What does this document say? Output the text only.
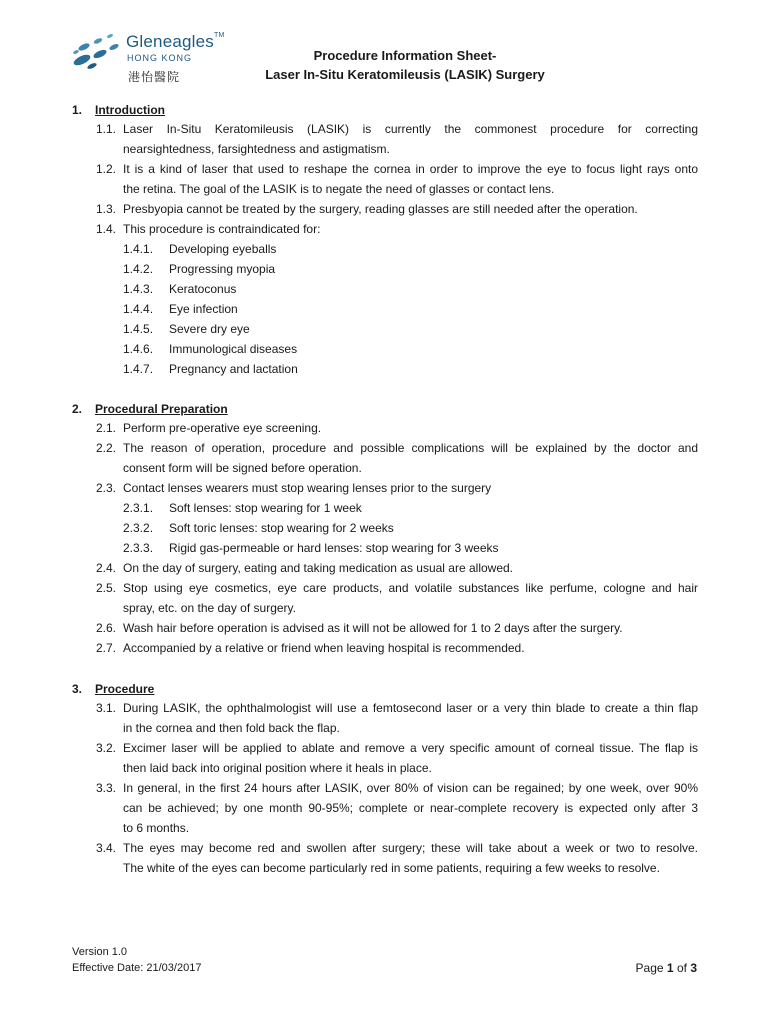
Gleneagles™
HONG KONG
港怡醫院
Procedure Information Sheet-
Laser In-Situ Keratomileusis (LASIK) Surgery
1. Introduction
1.1. Laser In-Situ Keratomileusis (LASIK) is currently the commonest procedure for correcting
nearsightedness, farsightedness and astigmatism.
1.2. It is a kind of laser that used to reshape the cornea in order to improve the eye to focus light rays onto
the retina. The goal of the LASIK is to negate the need of glasses or contact lens.
1.3. Presbyopia cannot be treated by the surgery, reading glasses are still needed after the operation.
1.4. This procedure is contraindicated for:
1.4.1. Developing eyeballs
1.4.2. Progressing myopia
1.4.3. Keratoconus
1.4.4. Eye infection
1.4.5. Severe dry eye
1.4.6. Immunological diseases
1.4.7. Pregnancy and lactation
2. Procedural Preparation
2.1. Perform pre-operative eye screening.
2.2. The reason of operation, procedure and possible complications will be explained by the doctor and
consent form will be signed before operation.
2.3. Contact lenses wearers must stop wearing lenses prior to the surgery
2.3.1. Soft lenses: stop wearing for 1 week
2.3.2. Soft toric lenses: stop wearing for 2 weeks
2.3.3. Rigid gas-permeable or hard lenses: stop wearing for 3 weeks
2.4. On the day of surgery, eating and taking medication as usual are allowed.
2.5. Stop using eye cosmetics, eye care products, and volatile substances like perfume, cologne and hair
spray, etc. on the day of surgery.
2.6. Wash hair before operation is advised as it will not be allowed for 1 to 2 days after the surgery.
2.7. Accompanied by a relative or friend when leaving hospital is recommended.
3. Procedure
3.1. During LASIK, the ophthalmologist will use a femtosecond laser or a very thin blade to create a thin flap
in the cornea and then fold back the flap.
3.2. Excimer laser will be applied to ablate and remove a very specific amount of corneal tissue. The flap is
then laid back into original position where it heals in place.
3.3. In general, in the first 24 hours after LASIK, over 80% of vision can be regained; by one week, over 90%
can be achieved; by one month 90-95%; complete or near-complete recovery is expected only after 3
to 6 months.
3.4. The eyes may become red and swollen after surgery; these will take about a week or two to resolve.
The white of the eyes can become particularly red in some patients, requiring a few weeks to resolve.
Version 1.0
Effective Date: 21/03/2017	Page 1 of 3
